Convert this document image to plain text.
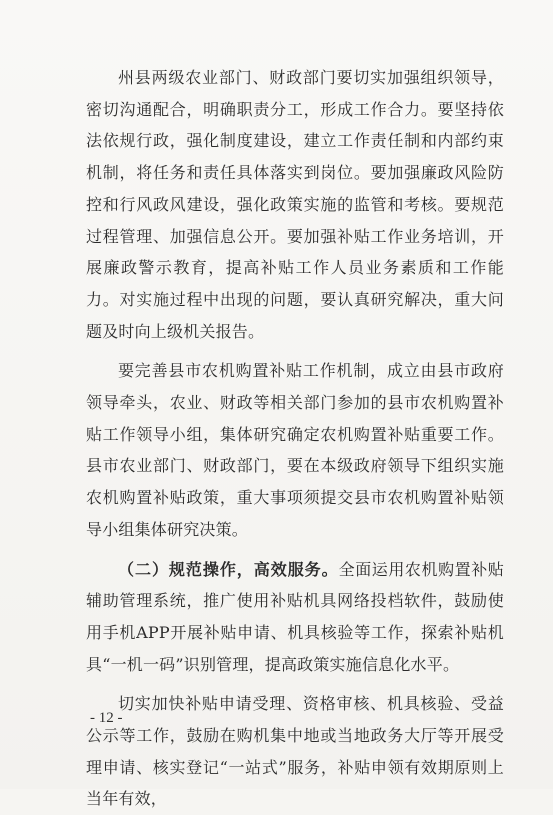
州县两级农业部门、财政部门要切实加强组织领导，密切沟通配合，明确职责分工，形成工作合力。要坚持依法依规行政，强化制度建设，建立工作责任制和内部约束机制，将任务和责任具体落实到岗位。要加强廉政风险防控和行风政风建设，强化政策实施的监管和考核。要规范过程管理、加强信息公开。要加强补贴工作业务培训，开展廉政警示教育，提高补贴工作人员业务素质和工作能力。对实施过程中出现的问题，要认真研究解决，重大问题及时向上级机关报告。

要完善县市农机购置补贴工作机制，成立由县市政府领导牵头，农业、财政等相关部门参加的县市农机购置补贴工作领导小组，集体研究确定农机购置补贴重要工作。县市农业部门、财政部门，要在本级政府领导下组织实施农机购置补贴政策，重大事项须提交县市农机购置补贴领导小组集体研究决策。

（二）规范操作，高效服务。全面运用农机购置补贴辅助管理系统，推广使用补贴机具网络投档软件，鼓励使用手机APP开展补贴申请、机具核验等工作，探索补贴机具“一机一码”识别管理，提高政策实施信息化水平。

切实加快补贴申请受理、资格审核、机具核验、受益公示等工作，鼓励在购机集中地或当地政务大厅等开展受理申请、核实登记“一站式”服务，补贴申领有效期原则上当年有效，

- 12 -
